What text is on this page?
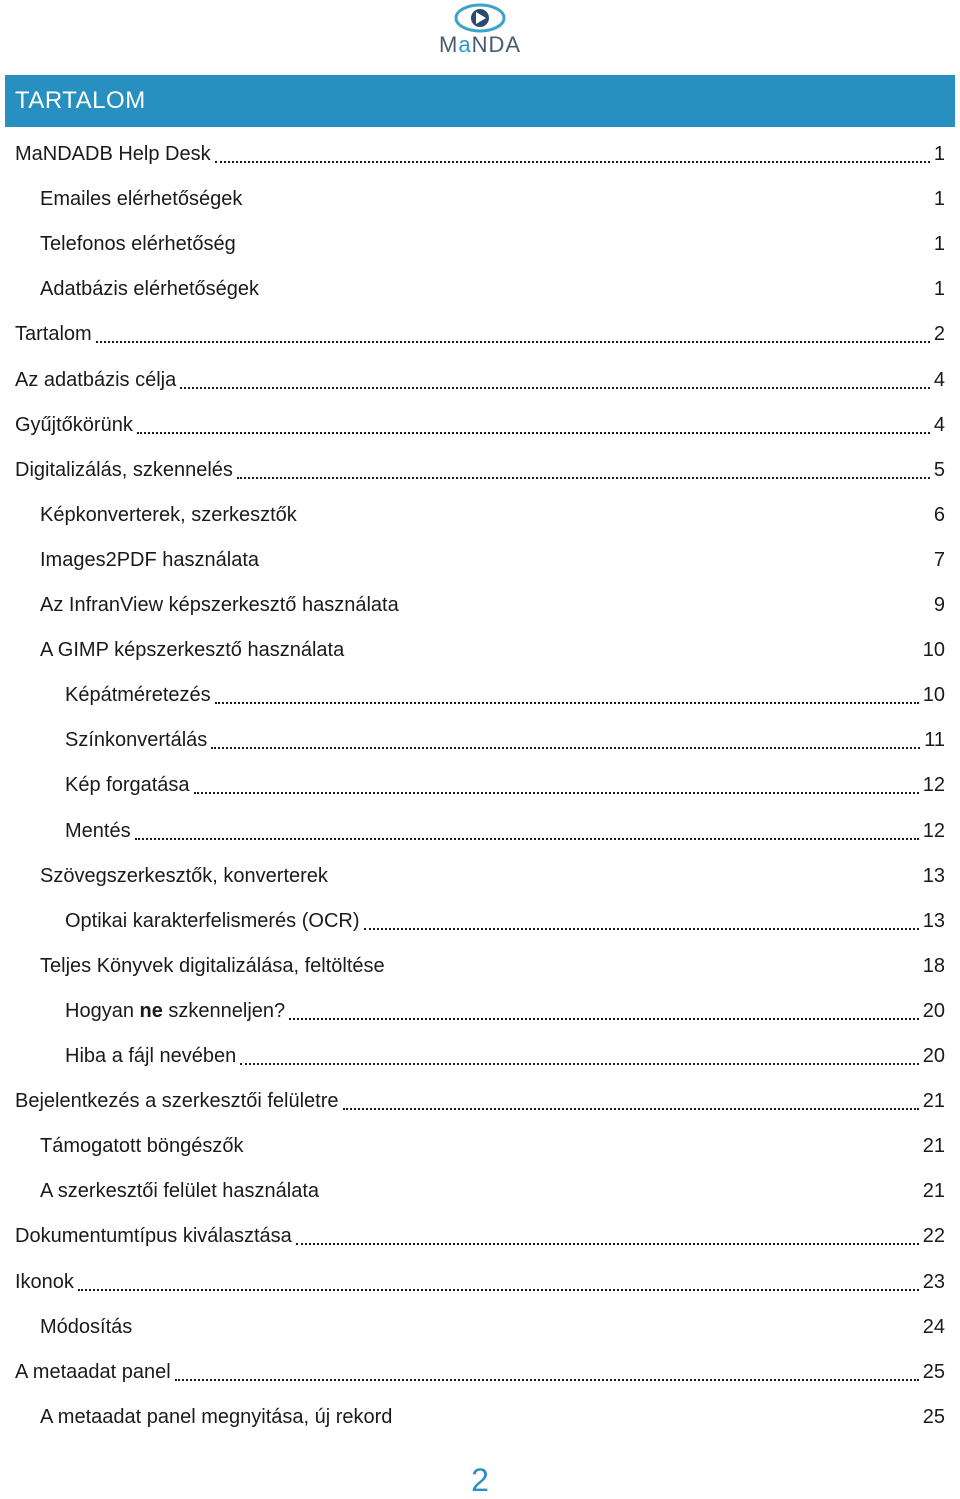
MaNDA
TARTALOM
MaNDADB Help Desk	1
Emailes elérhetőségek	1
Telefonos elérhetőség	1
Adatbázis elérhetőségek	1
Tartalom	2
Az adatbázis célja	4
Gyűjtőkörünk	4
Digitalizálás, szkennelés	5
Képkonverterek, szerkesztők	6
Images2PDF használata	7
Az InfranView képszerkesztő használata	9
A GIMP képszerkesztő használata	10
Képátméretezés	10
Színkonvertálás	11
Kép forgatása	12
Mentés	12
Szövegszerkesztők, konverterek	13
Optikai karakterfelismerés (OCR)	13
Teljes Könyvek digitalizálása, feltöltése	18
Hogyan ne szkenneljen?	20
Hiba a fájl nevében	20
Bejelentkezés a szerkesztői felületre	21
Támogatott böngészők	21
A szerkesztői felület használata	21
Dokumentumtípus kiválasztása	22
Ikonok	23
Módosítás	24
A metaadat panel	25
A metaadat panel megnyitása, új rekord	25
2
